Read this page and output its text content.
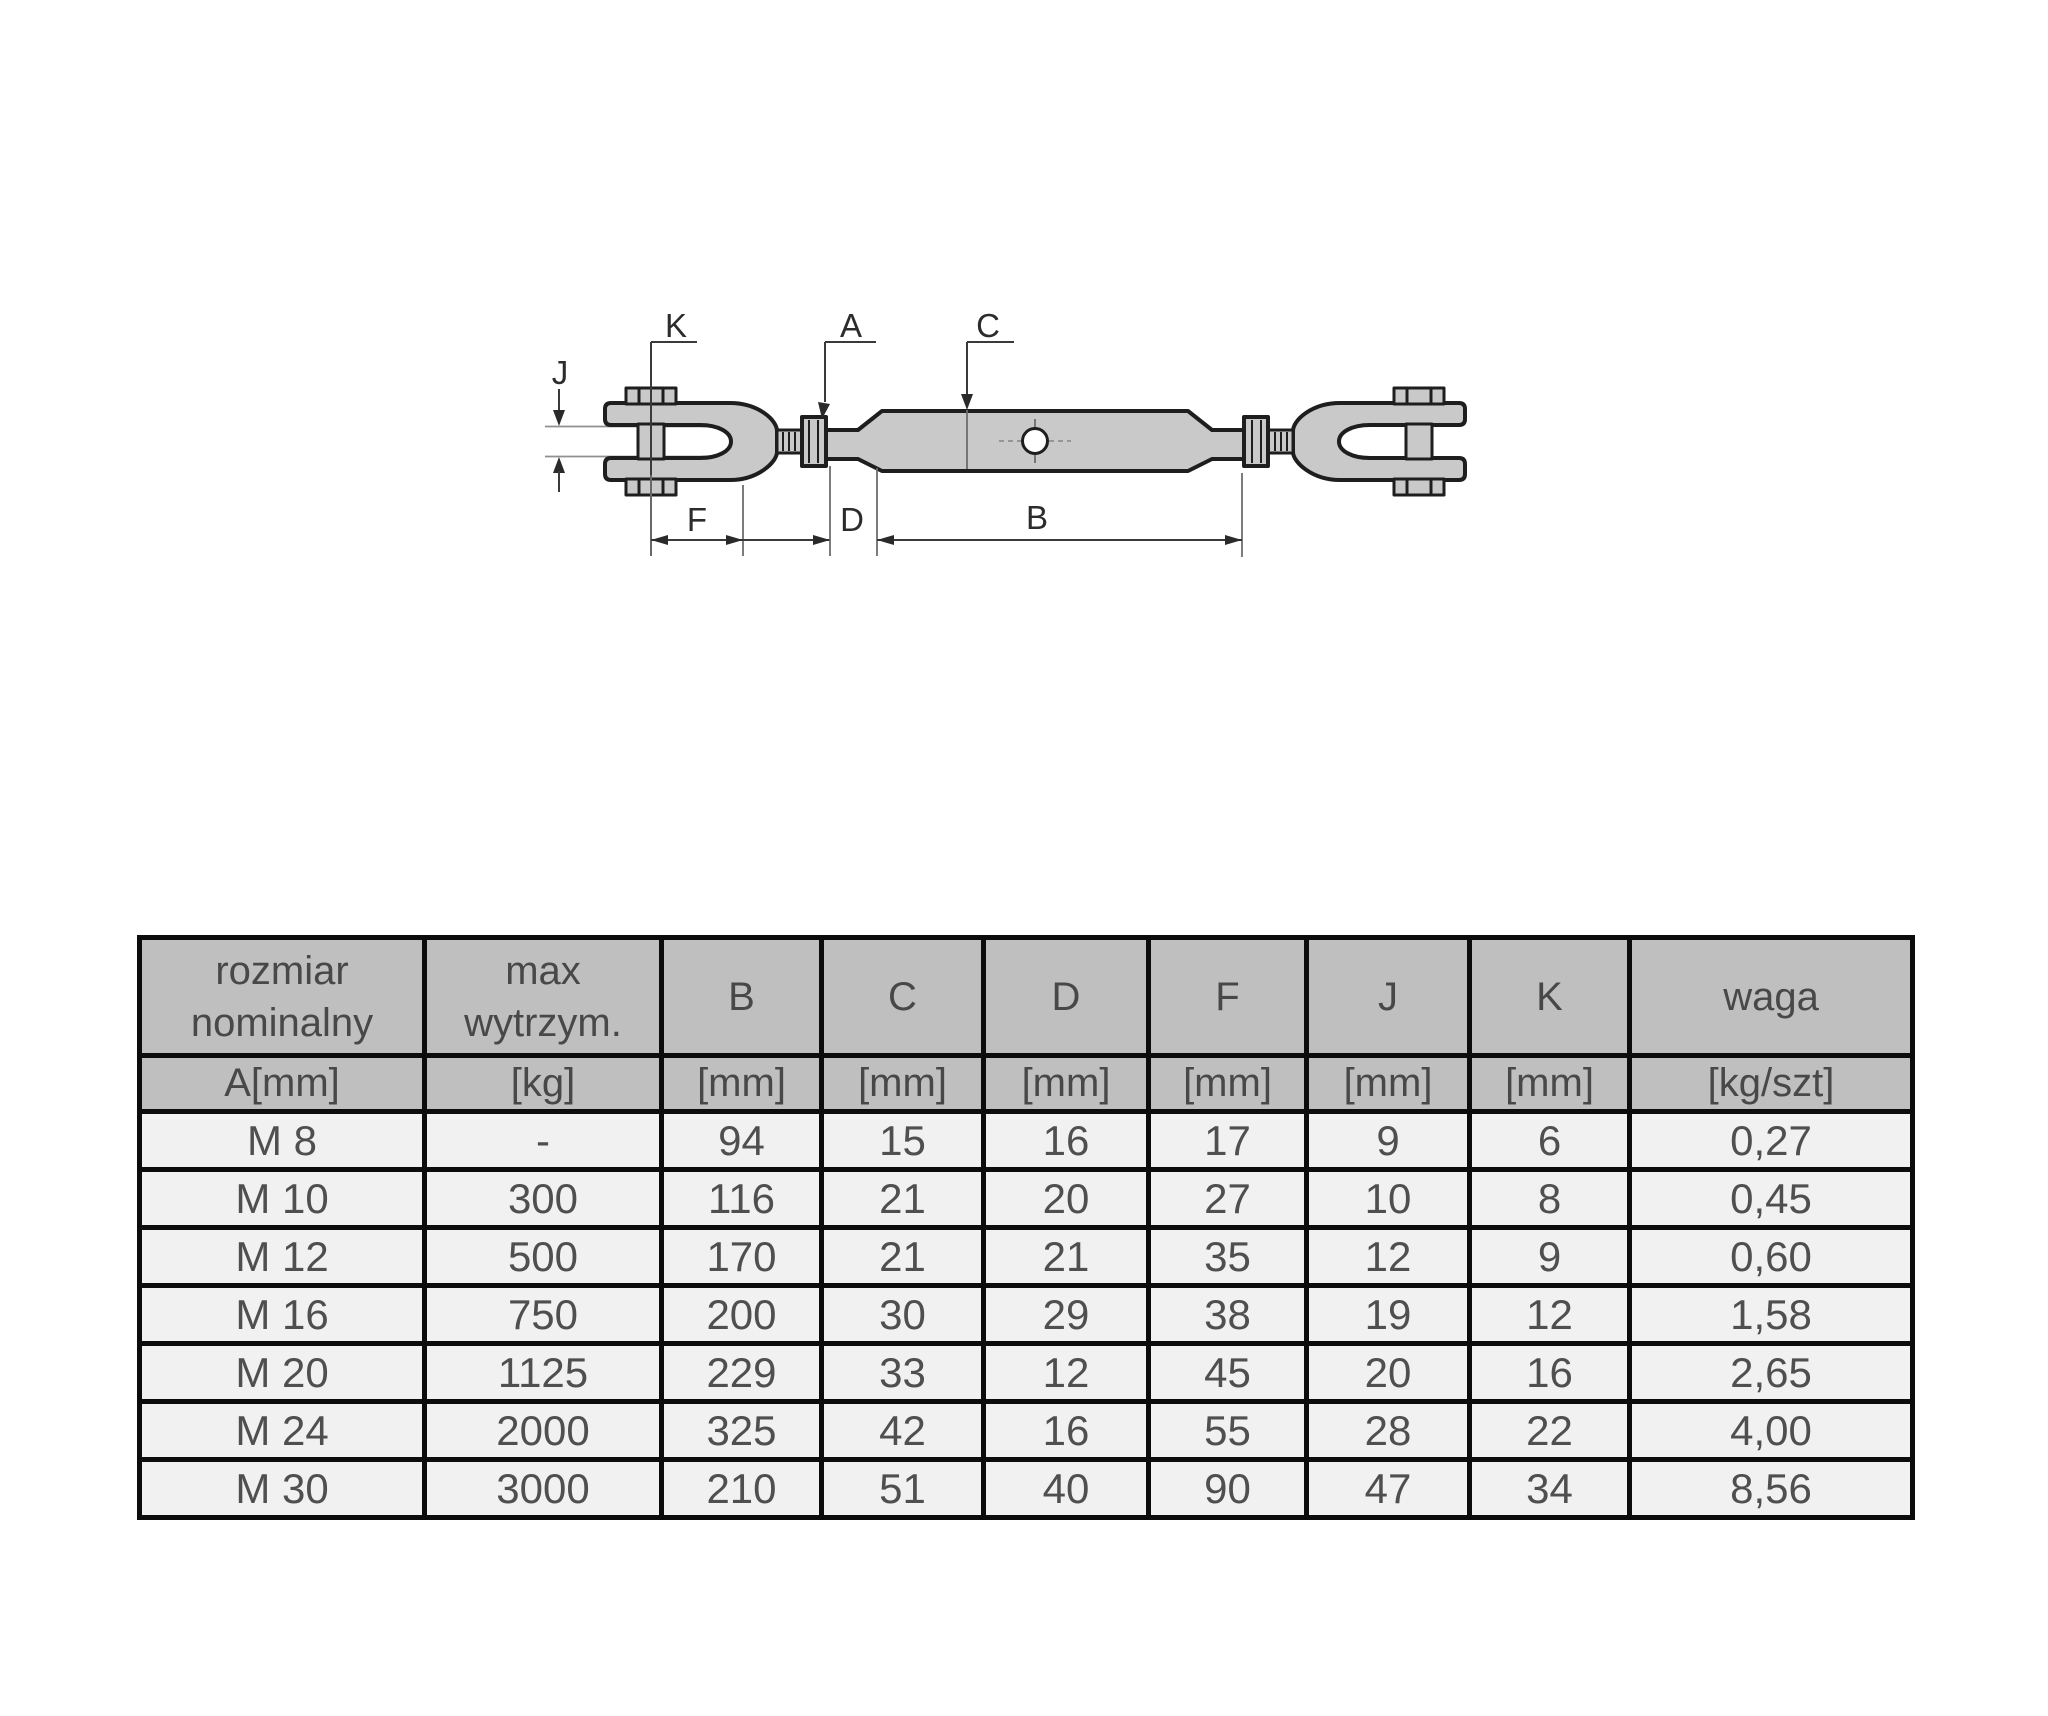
K	A	C
J
F	D	B
rozmiar nominalny	max wytrzym.	B	C	D	F	J	K	waga
A[mm]	[kg]	[mm]	[mm]	[mm]	[mm]	[mm]	[mm]	[kg/szt]
M 8	-	94	15	16	17	9	6	0,27
M 10	300	116	21	20	27	10	8	0,45
M 12	500	170	21	21	35	12	9	0,60
M 16	750	200	30	29	38	19	12	1,58
M 20	1125	229	33	12	45	20	16	2,65
M 24	2000	325	42	16	55	28	22	4,00
M 30	3000	210	51	40	90	47	34	8,56
